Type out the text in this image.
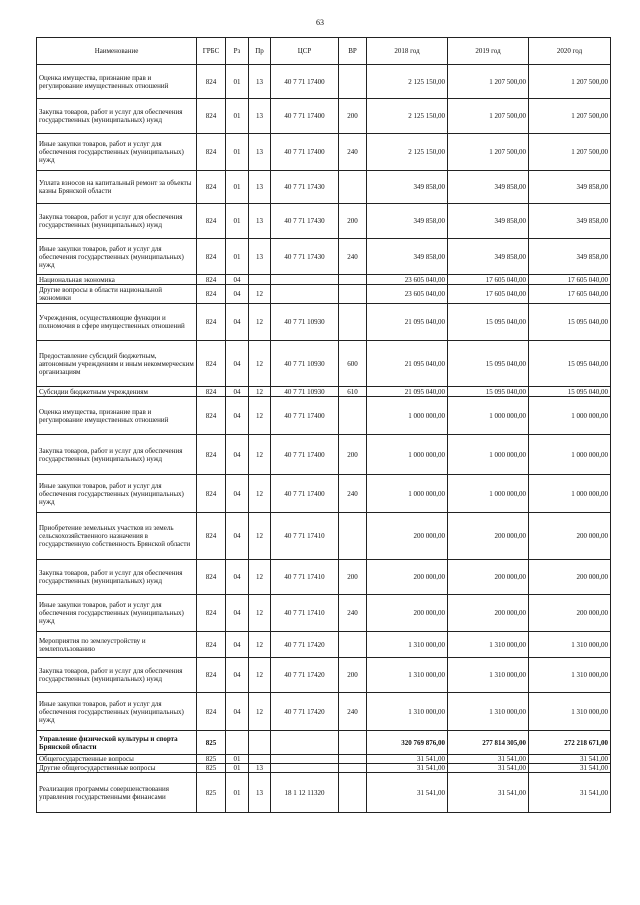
63
Наименование	ГРБС	Рз	Пр	ЦСР	ВР	2018 год	2019 год	2020 год
Оценка имущества, признание прав и регулирование имущественных отношений	824	01	13	40 7 71 17400		2 125 150,00	1 207 500,00	1 207 500,00
Закупка товаров, работ и услуг для обеспечения государственных (муниципальных) нужд	824	01	13	40 7 71 17400	200	2 125 150,00	1 207 500,00	1 207 500,00
Иные закупки товаров, работ и услуг для обеспечения государственных (муниципальных) нужд	824	01	13	40 7 71 17400	240	2 125 150,00	1 207 500,00	1 207 500,00
Уплата взносов на капитальный ремонт за объекты казны Брянской области	824	01	13	40 7 71 17430		349 858,00	349 858,00	349 858,00
Закупка товаров, работ и услуг для обеспечения государственных (муниципальных) нужд	824	01	13	40 7 71 17430	200	349 858,00	349 858,00	349 858,00
Иные закупки товаров, работ и услуг для обеспечения государственных (муниципальных) нужд	824	01	13	40 7 71 17430	240	349 858,00	349 858,00	349 858,00
Национальная экономика	824	04				23 605 040,00	17 605 040,00	17 605 040,00
Другие вопросы в области национальной экономики	824	04	12			23 605 040,00	17 605 040,00	17 605 040,00
Учреждения, осуществляющие функции и полномочия в сфере имущественных отношений	824	04	12	40 7 71 10930		21 095 040,00	15 095 040,00	15 095 040,00
Предоставление субсидий бюджетным, автономным учреждениям и иным некоммерческим организациям	824	04	12	40 7 71 10930	600	21 095 040,00	15 095 040,00	15 095 040,00
Субсидии бюджетным учреждениям	824	04	12	40 7 71 10930	610	21 095 040,00	15 095 040,00	15 095 040,00
Оценка имущества, признание прав и регулирование имущественных отношений	824	04	12	40 7 71 17400		1 000 000,00	1 000 000,00	1 000 000,00
Закупка товаров, работ и услуг для обеспечения государственных (муниципальных) нужд	824	04	12	40 7 71 17400	200	1 000 000,00	1 000 000,00	1 000 000,00
Иные закупки товаров, работ и услуг для обеспечения государственных (муниципальных) нужд	824	04	12	40 7 71 17400	240	1 000 000,00	1 000 000,00	1 000 000,00
Приобретение земельных участков из земель сельскохозяйственного назначения в государственную собственность Брянской области	824	04	12	40 7 71 17410		200 000,00	200 000,00	200 000,00
Закупка товаров, работ и услуг для обеспечения государственных (муниципальных) нужд	824	04	12	40 7 71 17410	200	200 000,00	200 000,00	200 000,00
Иные закупки товаров, работ и услуг для обеспечения государственных (муниципальных) нужд	824	04	12	40 7 71 17410	240	200 000,00	200 000,00	200 000,00
Мероприятия по землеустройству и землепользованию	824	04	12	40 7 71 17420		1 310 000,00	1 310 000,00	1 310 000,00
Закупка товаров, работ и услуг для обеспечения государственных (муниципальных) нужд	824	04	12	40 7 71 17420	200	1 310 000,00	1 310 000,00	1 310 000,00
Иные закупки товаров, работ и услуг для обеспечения государственных (муниципальных) нужд	824	04	12	40 7 71 17420	240	1 310 000,00	1 310 000,00	1 310 000,00
Управление физической культуры и спорта Брянской области	825					320 769 876,00	277 814 305,00	272 218 671,00
Общегосударственные вопросы	825	01				31 541,00	31 541,00	31 541,00
Другие общегосударственные вопросы	825	01	13			31 541,00	31 541,00	31 541,00
Реализация программы совершенствования управления государственными финансами	825	01	13	18 1 12 11320		31 541,00	31 541,00	31 541,00
